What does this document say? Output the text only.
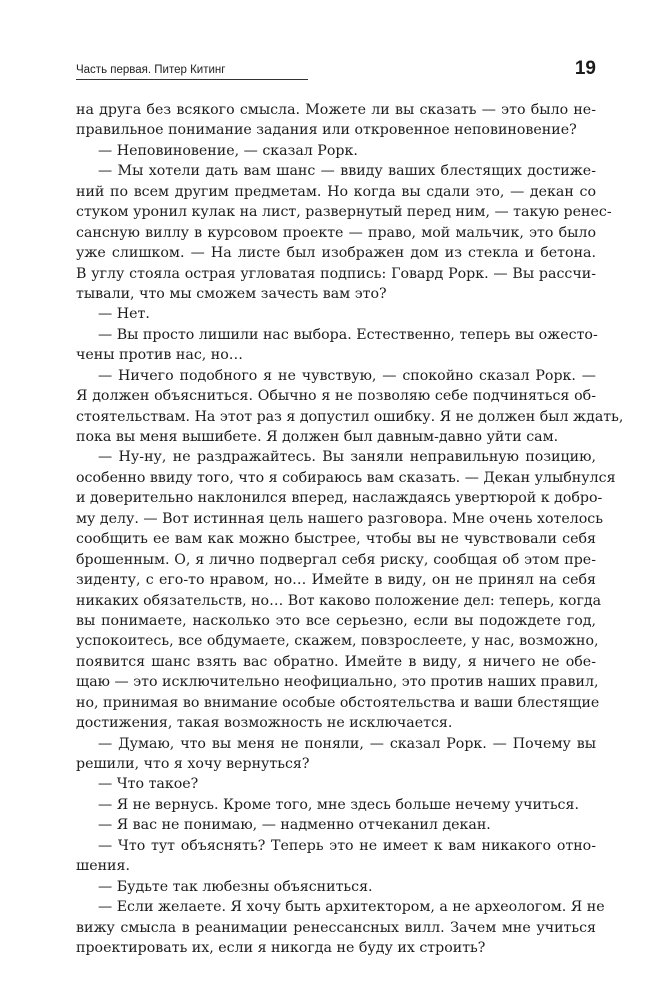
Часть первая. Питер Китинг	19
на друга без всякого смысла. Можете ли вы сказать — это было не-
правильное понимание задания или откровенное неповиновение?
— Неповиновение, — сказал Рорк.
— Мы хотели дать вам шанс — ввиду ваших блестящих достиже-
ний по всем другим предметам. Но когда вы сдали это, — декан со
стуком уронил кулак на лист, развернутый перед ним, — такую ренес-
сансную виллу в курсовом проекте — право, мой мальчик, это было
уже слишком. — На листе был изображен дом из стекла и бетона.
В углу стояла острая угловатая подпись: Говард Рорк. — Вы рассчи-
тывали, что мы сможем зачесть вам это?
— Нет.
— Вы просто лишили нас выбора. Естественно, теперь вы ожесто-
чены против нас, но…
— Ничего подобного я не чувствую, — спокойно сказал Рорк. —
Я должен объясниться. Обычно я не позволяю себе подчиняться об-
стоятельствам. На этот раз я допустил ошибку. Я не должен был ждать,
пока вы меня вышибете. Я должен был давным-давно уйти сам.
— Ну-ну, не раздражайтесь. Вы заняли неправильную позицию,
особенно ввиду того, что я собираюсь вам сказать. — Декан улыбнулся
и доверительно наклонился вперед, наслаждаясь увертюрой к добро-
му делу. — Вот истинная цель нашего разговора. Мне очень хотелось
сообщить ее вам как можно быстрее, чтобы вы не чувствовали себя
брошенным. О, я лично подвергал себя риску, сообщая об этом пре-
зиденту, с его-то нравом, но… Имейте в виду, он не принял на себя
никаких обязательств, но… Вот каково положение дел: теперь, когда
вы понимаете, насколько это все серьезно, если вы подождете год,
успокоитесь, все обдумаете, скажем, повзрослеете, у нас, возможно,
появится шанс взять вас обратно. Имейте в виду, я ничего не обе-
щаю — это исключительно неофициально, это против наших правил,
но, принимая во внимание особые обстоятельства и ваши блестящие
достижения, такая возможность не исключается.
— Думаю, что вы меня не поняли, — сказал Рорк. — Почему вы
решили, что я хочу вернуться?
— Что такое?
— Я не вернусь. Кроме того, мне здесь больше нечему учиться.
— Я вас не понимаю, — надменно отчеканил декан.
— Что тут объяснять? Теперь это не имеет к вам никакого отно-
шения.
— Будьте так любезны объясниться.
— Если желаете. Я хочу быть архитектором, а не археологом. Я не
вижу смысла в реанимации ренессансных вилл. Зачем мне учиться
проектировать их, если я никогда не буду их строить?
